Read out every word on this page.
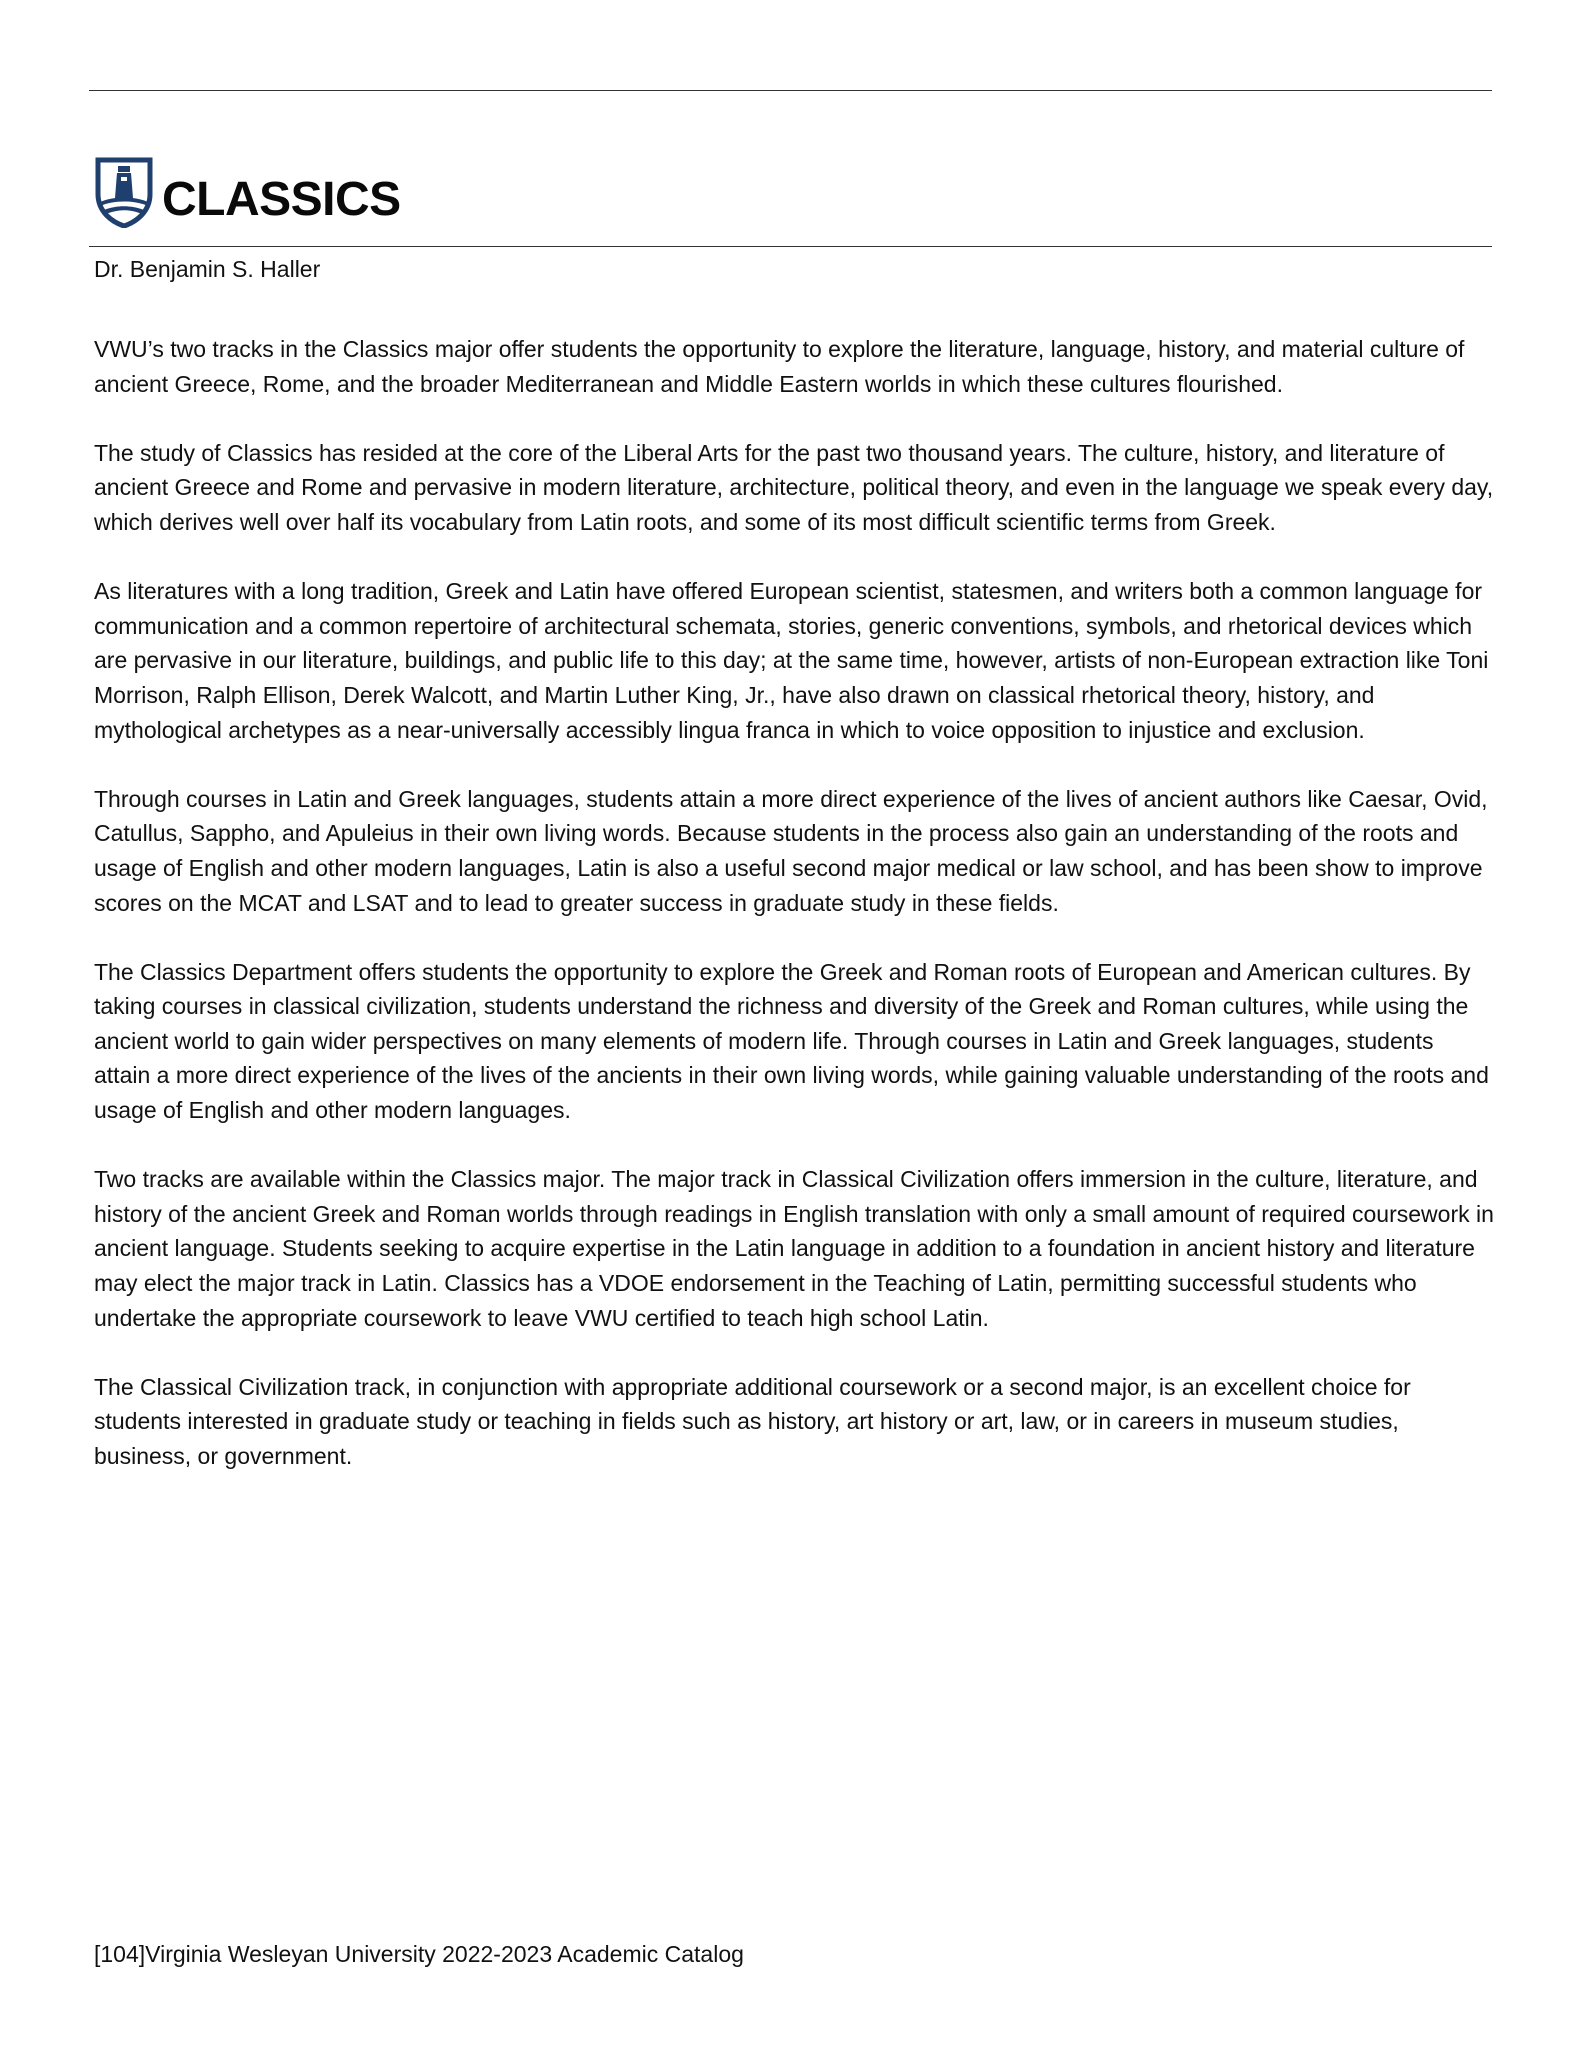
CLASSICS
Dr. Benjamin S. Haller

VWU’s two tracks in the Classics major offer students the opportunity to explore the literature, language, history, and material culture of ancient Greece, Rome, and the broader Mediterranean and Middle Eastern worlds in which these cultures flourished.

The study of Classics has resided at the core of the Liberal Arts for the past two thousand years. The culture, history, and literature of ancient Greece and Rome and pervasive in modern literature, architecture, political theory, and even in the language we speak every day, which derives well over half its vocabulary from Latin roots, and some of its most difficult scientific terms from Greek.

As literatures with a long tradition, Greek and Latin have offered European scientist, statesmen, and writers both a common language for communication and a common repertoire of architectural schemata, stories, generic conventions, symbols, and rhetorical devices which are pervasive in our literature, buildings, and public life to this day; at the same time, however, artists of non-European extraction like Toni Morrison, Ralph Ellison, Derek Walcott, and Martin Luther King, Jr., have also drawn on classical rhetorical theory, history, and mythological archetypes as a near-universally accessibly lingua franca in which to voice opposition to injustice and exclusion.

Through courses in Latin and Greek languages, students attain a more direct experience of the lives of ancient authors like Caesar, Ovid, Catullus, Sappho, and Apuleius in their own living words. Because students in the process also gain an understanding of the roots and usage of English and other modern languages, Latin is also a useful second major medical or law school, and has been show to improve scores on the MCAT and LSAT and to lead to greater success in graduate study in these fields.

The Classics Department offers students the opportunity to explore the Greek and Roman roots of European and American cultures. By taking courses in classical civilization, students understand the richness and diversity of the Greek and Roman cultures, while using the ancient world to gain wider perspectives on many elements of modern life. Through courses in Latin and Greek languages, students attain a more direct experience of the lives of the ancients in their own living words, while gaining valuable understanding of the roots and usage of English and other modern languages.

Two tracks are available within the Classics major. The major track in Classical Civilization offers immersion in the culture, literature, and history of the ancient Greek and Roman worlds through readings in English translation with only a small amount of required coursework in ancient language. Students seeking to acquire expertise in the Latin language in addition to a foundation in ancient history and literature may elect the major track in Latin. Classics has a VDOE endorsement in the Teaching of Latin, permitting successful students who undertake the appropriate coursework to leave VWU certified to teach high school Latin.

The Classical Civilization track, in conjunction with appropriate additional coursework or a second major, is an excellent choice for students interested in graduate study or teaching in fields such as history, art history or art, law, or in careers in museum studies, business, or government.

[104]Virginia Wesleyan University 2022-2023 Academic Catalog
